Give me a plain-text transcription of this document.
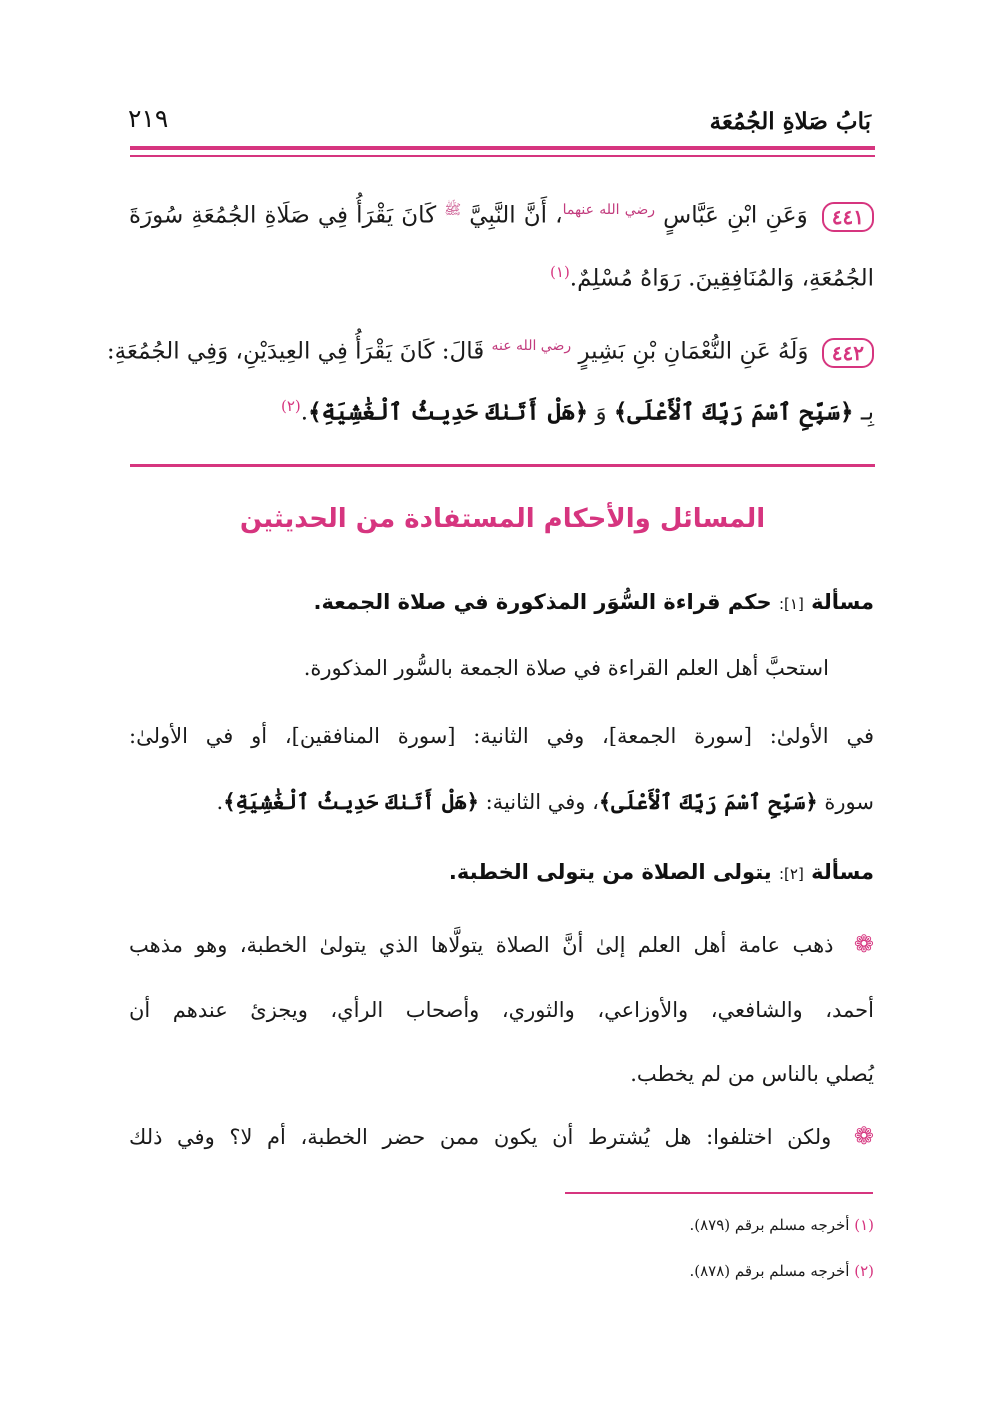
بَابُ صَلاةِ الجُمُعَة
٢١٩
٤٤١ وَعَنِ ابْنِ عَبَّاسٍ $^{رضي الله عنهما}$، أَنَّ النَّبِيَّ $^ﷺ$ كَانَ يَقْرَأُ فِي صَلَاةِ الجُمُعَةِ سُورَةَ
الجُمُعَةِ، وَالمُنَافِقِينَ. رَوَاهُ مُسْلِمٌ.$^{(١)}$
٤٤٢ وَلَهُ عَنِ النُّعْمَانِ بْنِ بَشِيرٍ $^{رضي الله عنه}$ قَالَ: كَانَ يَقْرَأُ فِي العِيدَيْنِ، وَفِي الجُمُعَةِ:
بِـ ﴿سَبِّحِ ٱسْمَ رَبِّكَ ٱلْأَعْلَى﴾ وَ ﴿هَلْ أَتَىٰكَ حَدِيثُ ٱلْغَٰشِيَةِ﴾.$^{(٢)}$
المسائل والأحكام المستفادة من الحديثين
مسألة [١]: حكم قراءة السُّوَر المذكورة في صلاة الجمعة.
استحبَّ أهل العلم القراءة في صلاة الجمعة بالسُّور المذكورة.
في الأولىٰ: [سورة الجمعة]، وفي الثانية: [سورة المنافقين]، أو في الأولىٰ:
سورة ﴿سَبِّحِ ٱسْمَ رَبِّكَ ٱلْأَعْلَى﴾، وفي الثانية: ﴿هَلْ أَتَىٰكَ حَدِيثُ ٱلْغَٰشِيَةِ﴾.
مسألة [٢]: يتولى الصلاة من يتولى الخطبة.
❁ ذهب عامة أهل العلم إلىٰ أنَّ الصلاة يتولَّاها الذي يتولىٰ الخطبة، وهو مذهب
أحمد، والشافعي، والأوزاعي، والثوري، وأصحاب الرأي، ويجزئ عندهم أن
يُصلي بالناس من لم يخطب.
❁ ولكن اختلفوا: هل يُشترط أن يكون ممن حضر الخطبة، أم لا؟ وفي ذلك
(١) أخرجه مسلم برقم (٨٧٩).
(٢) أخرجه مسلم برقم (٨٧٨).
